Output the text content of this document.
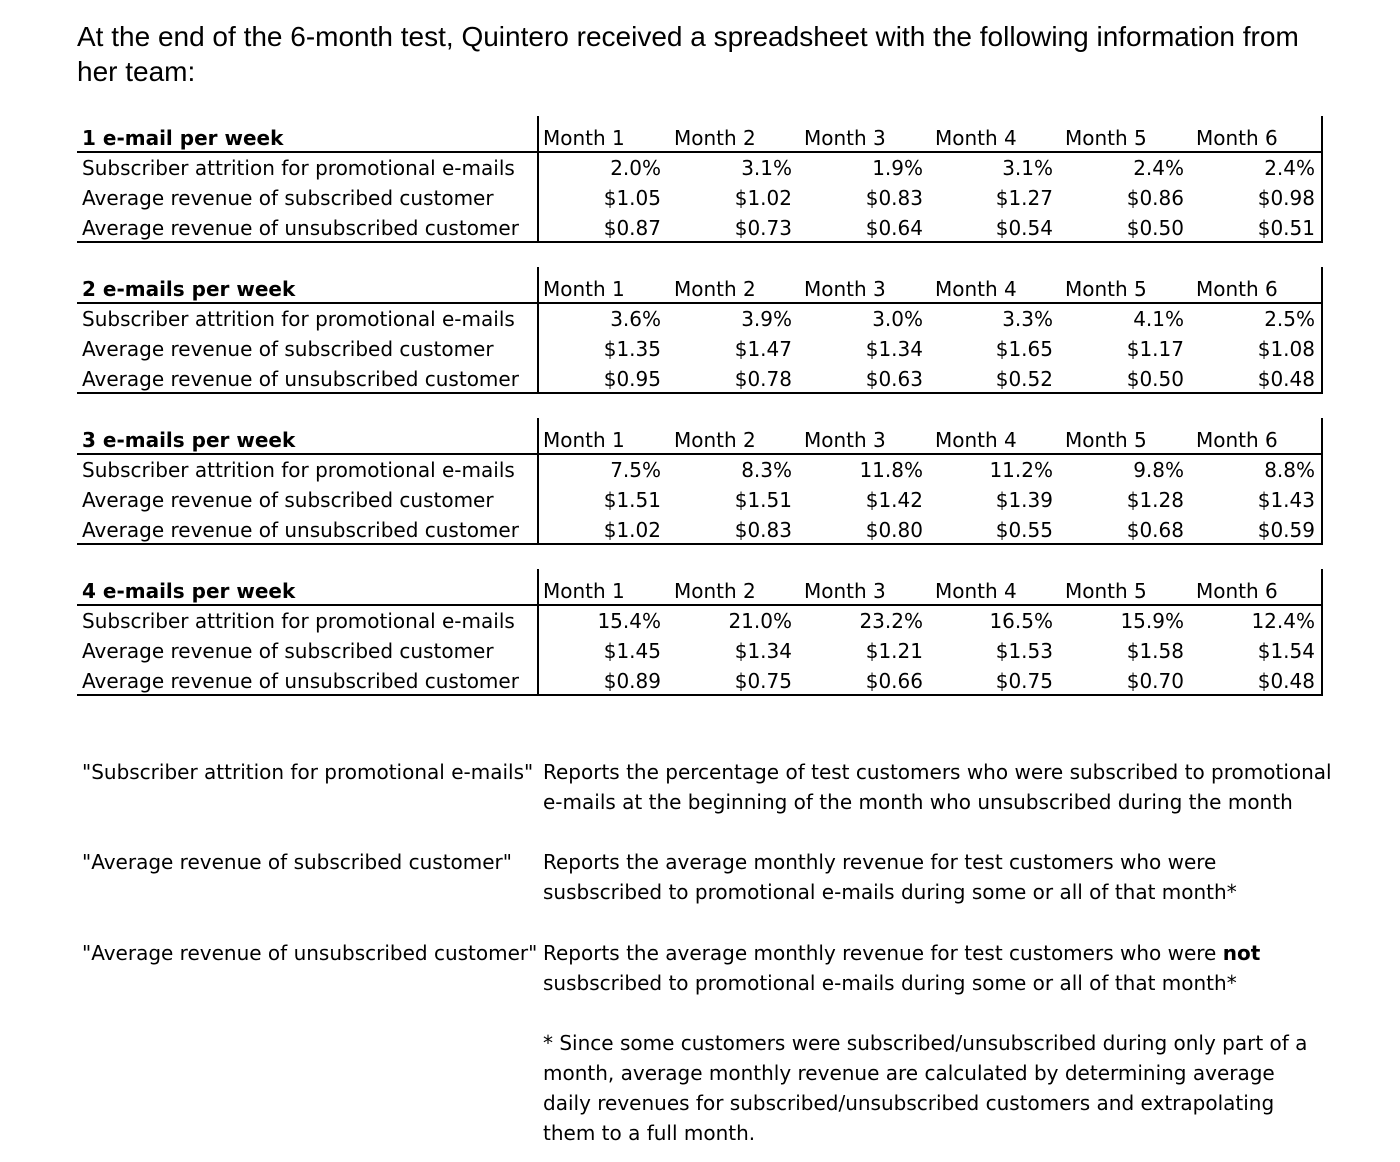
At the end of the 6-month test, Quintero received a spreadsheet with the following information from her team:

1 e-mail per week	Month 1	Month 2	Month 3	Month 4	Month 5	Month 6
Subscriber attrition for promotional e-mails	2.0%	3.1%	1.9%	3.1%	2.4%	2.4%
Average revenue of subscribed customer	$1.05	$1.02	$0.83	$1.27	$0.86	$0.98
Average revenue of unsubscribed customer	$0.87	$0.73	$0.64	$0.54	$0.50	$0.51
2 e-mails per week	Month 1	Month 2	Month 3	Month 4	Month 5	Month 6
Subscriber attrition for promotional e-mails	3.6%	3.9%	3.0%	3.3%	4.1%	2.5%
Average revenue of subscribed customer	$1.35	$1.47	$1.34	$1.65	$1.17	$1.08
Average revenue of unsubscribed customer	$0.95	$0.78	$0.63	$0.52	$0.50	$0.48
3 e-mails per week	Month 1	Month 2	Month 3	Month 4	Month 5	Month 6
Subscriber attrition for promotional e-mails	7.5%	8.3%	11.8%	11.2%	9.8%	8.8%
Average revenue of subscribed customer	$1.51	$1.51	$1.42	$1.39	$1.28	$1.43
Average revenue of unsubscribed customer	$1.02	$0.83	$0.80	$0.55	$0.68	$0.59
4 e-mails per week	Month 1	Month 2	Month 3	Month 4	Month 5	Month 6
Subscriber attrition for promotional e-mails	15.4%	21.0%	23.2%	16.5%	15.9%	12.4%
Average revenue of subscribed customer	$1.45	$1.34	$1.21	$1.53	$1.58	$1.54
Average revenue of unsubscribed customer	$0.89	$0.75	$0.66	$0.75	$0.70	$0.48
"Subscriber attrition for promotional e-mails" Reports the percentage of test customers who were subscribed to promotional e-mails at the beginning of the month who unsubscribed during the month
"Average revenue of subscribed customer" Reports the average monthly revenue for test customers who were susbscribed to promotional e-mails during some or all of that month*
"Average revenue of unsubscribed customer" Reports the average monthly revenue for test customers who were not susbscribed to promotional e-mails during some or all of that month*
* Since some customers were subscribed/unsubscribed during only part of a month, average monthly revenue are calculated by determining average daily revenues for subscribed/unsubscribed customers and extrapolating them to a full month.
